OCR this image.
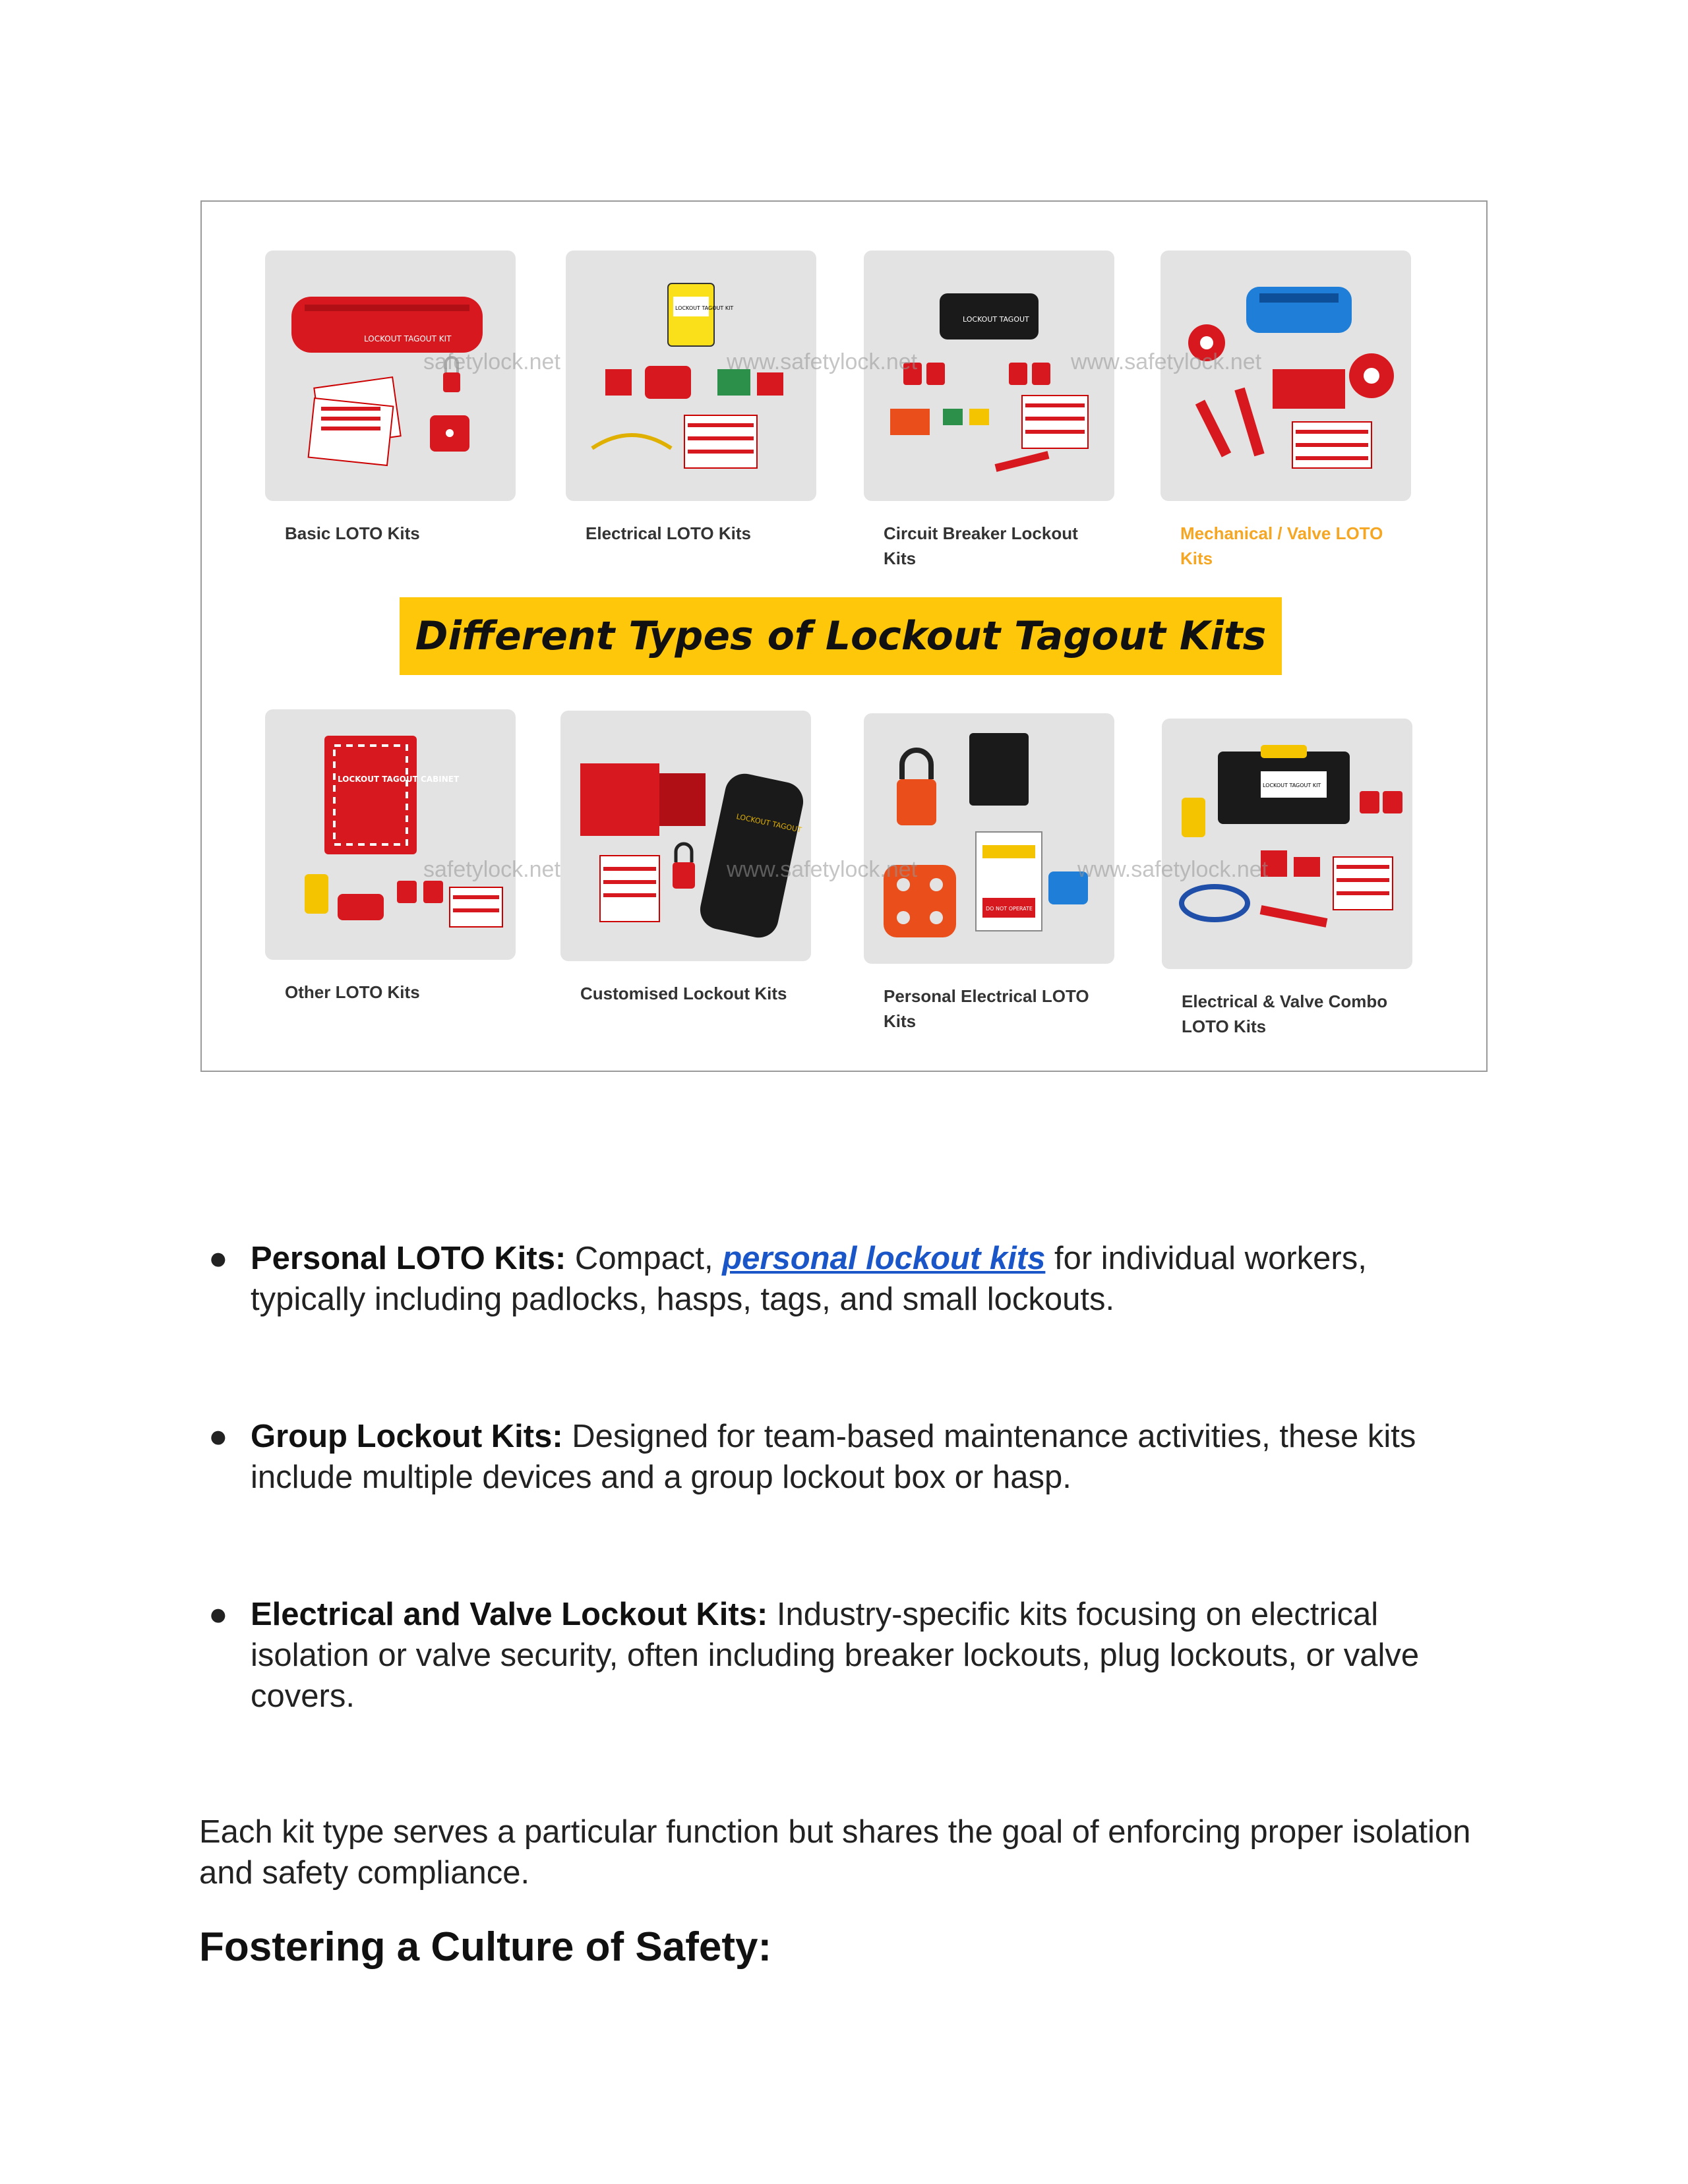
LOCKOUT TAGOUT KIT
Basic LOTO Kits
LOCKOUT TAGOUT KIT
Electrical LOTO Kits
LOCKOUT TAGOUT
Circuit Breaker Lockout Kits
Mechanical / Valve LOTO Kits
safetylock.net	www.safetylock.net	www.safetylock.net
Different Types of Lockout Tagout Kits
LOCKOUT TAGOUT CABINET
Other LOTO Kits
LOCKOUT TAGOUT
Customised Lockout Kits
DO NOT OPERATE
Personal Electrical LOTO Kits
LOCKOUT TAGOUT KIT
Electrical & Valve Combo LOTO Kits
safetylock.net	www.safetylock.net	www.safetylock.net
● Personal LOTO Kits: Compact, personal lockout kits for individual workers, typically including padlocks, hasps, tags, and small lockouts.
● Group Lockout Kits: Designed for team-based maintenance activities, these kits include multiple devices and a group lockout box or hasp.
● Electrical and Valve Lockout Kits: Industry-specific kits focusing on electrical isolation or valve security, often including breaker lockouts, plug lockouts, or valve covers.
Each kit type serves a particular function but shares the goal of enforcing proper isolation and safety compliance.
Fostering a Culture of Safety:
